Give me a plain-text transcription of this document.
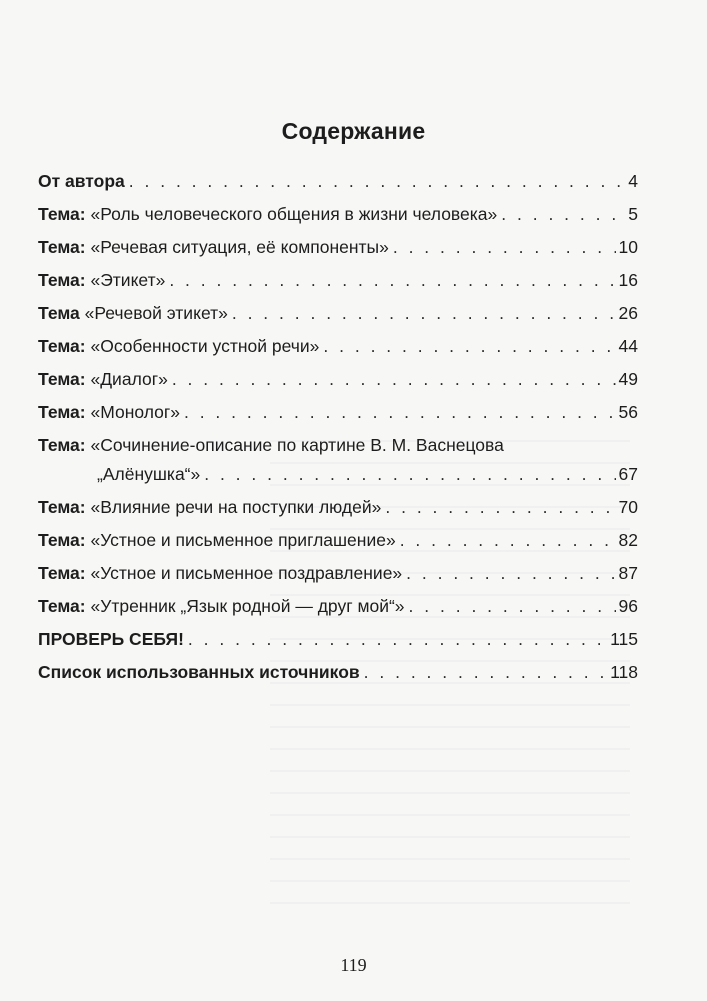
Содержание
От автора . . .	4
Тема: «Роль человеческого общения в жизни человека» . . .	5
Тема: «Речевая ситуация, её компоненты» . . .	10
Тема: «Этикет» . . .	16
Тема «Речевой этикет» . . .	26
Тема: «Особенности устной речи» . . .	44
Тема: «Диалог» . . .	49
Тема: «Монолог» . . .	56
Тема: «Сочинение-описание по картине В. М. Васнецова
„Алёнушка“» . . .	67
Тема: «Влияние речи на поступки людей» . . .	70
Тема: «Устное и письменное приглашение» . . .	82
Тема: «Устное и письменное поздравление» . . .	87
Тема: «Утренник „Язык родной — друг мой“» . . .	96
ПРОВЕРЬ СЕБЯ! . . .	115
Список использованных источников . . .	118
119
